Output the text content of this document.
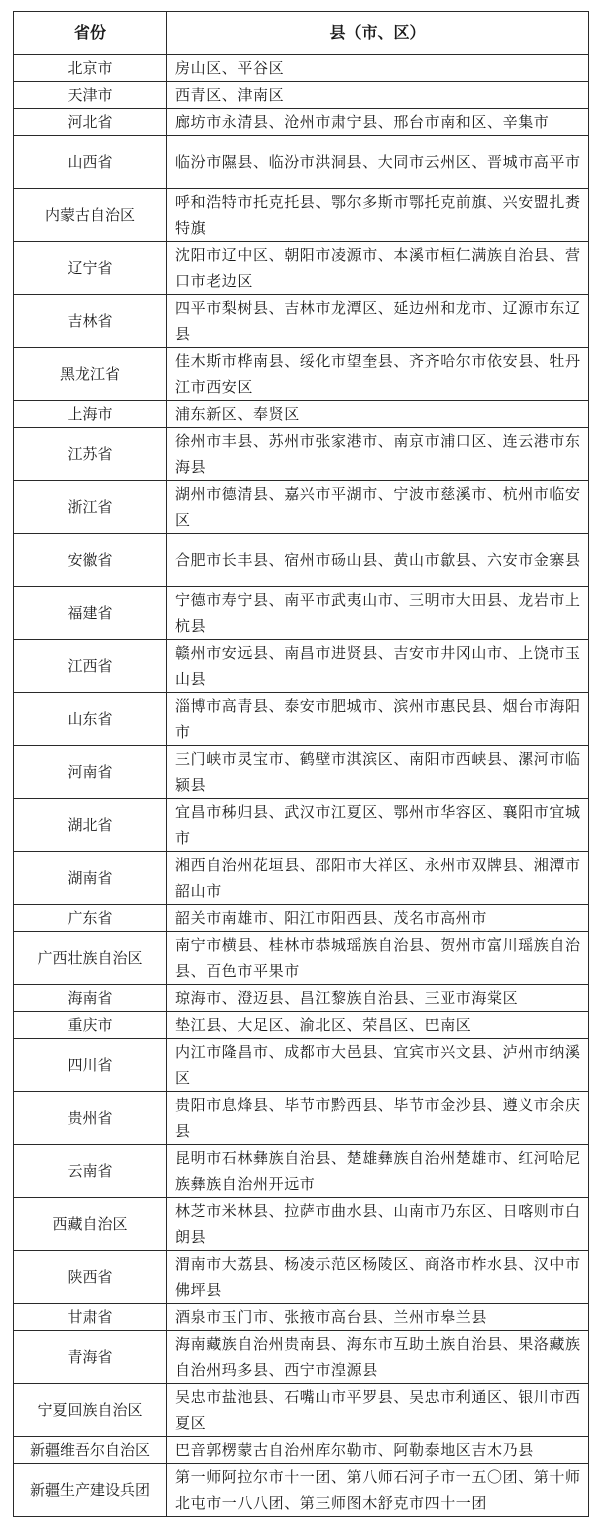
省份	县（市、区）
北京市	房山区、平谷区
天津市	西青区、津南区
河北省	廊坊市永清县、沧州市肃宁县、邢台市南和区、辛集市
山西省	临汾市隰县、临汾市洪洞县、大同市云州区、晋城市高平市
内蒙古自治区	呼和浩特市托克托县、鄂尔多斯市鄂托克前旗、兴安盟扎赉特旗
辽宁省	沈阳市辽中区、朝阳市凌源市、本溪市桓仁满族自治县、营口市老边区
吉林省	四平市梨树县、吉林市龙潭区、延边州和龙市、辽源市东辽县
黑龙江省	佳木斯市桦南县、绥化市望奎县、齐齐哈尔市依安县、牡丹江市西安区
上海市	浦东新区、奉贤区
江苏省	徐州市丰县、苏州市张家港市、南京市浦口区、连云港市东海县
浙江省	湖州市德清县、嘉兴市平湖市、宁波市慈溪市、杭州市临安区
安徽省	合肥市长丰县、宿州市砀山县、黄山市歙县、六安市金寨县
福建省	宁德市寿宁县、南平市武夷山市、三明市大田县、龙岩市上杭县
江西省	赣州市安远县、南昌市进贤县、吉安市井冈山市、上饶市玉山县
山东省	淄博市高青县、泰安市肥城市、滨州市惠民县、烟台市海阳市
河南省	三门峡市灵宝市、鹤壁市淇滨区、南阳市西峡县、漯河市临颍县
湖北省	宜昌市秭归县、武汉市江夏区、鄂州市华容区、襄阳市宜城市
湖南省	湘西自治州花垣县、邵阳市大祥区、永州市双牌县、湘潭市韶山市
广东省	韶关市南雄市、阳江市阳西县、茂名市高州市
广西壮族自治区	南宁市横县、桂林市恭城瑶族自治县、贺州市富川瑶族自治县、百色市平果市
海南省	琼海市、澄迈县、昌江黎族自治县、三亚市海棠区
重庆市	垫江县、大足区、渝北区、荣昌区、巴南区
四川省	内江市隆昌市、成都市大邑县、宜宾市兴文县、泸州市纳溪区
贵州省	贵阳市息烽县、毕节市黔西县、毕节市金沙县、遵义市余庆县
云南省	昆明市石林彝族自治县、楚雄彝族自治州楚雄市、红河哈尼族彝族自治州开远市
西藏自治区	林芝市米林县、拉萨市曲水县、山南市乃东区、日喀则市白朗县
陕西省	渭南市大荔县、杨凌示范区杨陵区、商洛市柞水县、汉中市佛坪县
甘肃省	酒泉市玉门市、张掖市高台县、兰州市皋兰县
青海省	海南藏族自治州贵南县、海东市互助土族自治县、果洛藏族自治州玛多县、西宁市湟源县
宁夏回族自治区	吴忠市盐池县、石嘴山市平罗县、吴忠市利通区、银川市西夏区
新疆维吾尔自治区	巴音郭楞蒙古自治州库尔勒市、阿勒泰地区吉木乃县
新疆生产建设兵团	第一师阿拉尔市十一团、第八师石河子市一五〇团、第十师北屯市一八八团、第三师图木舒克市四十一团
